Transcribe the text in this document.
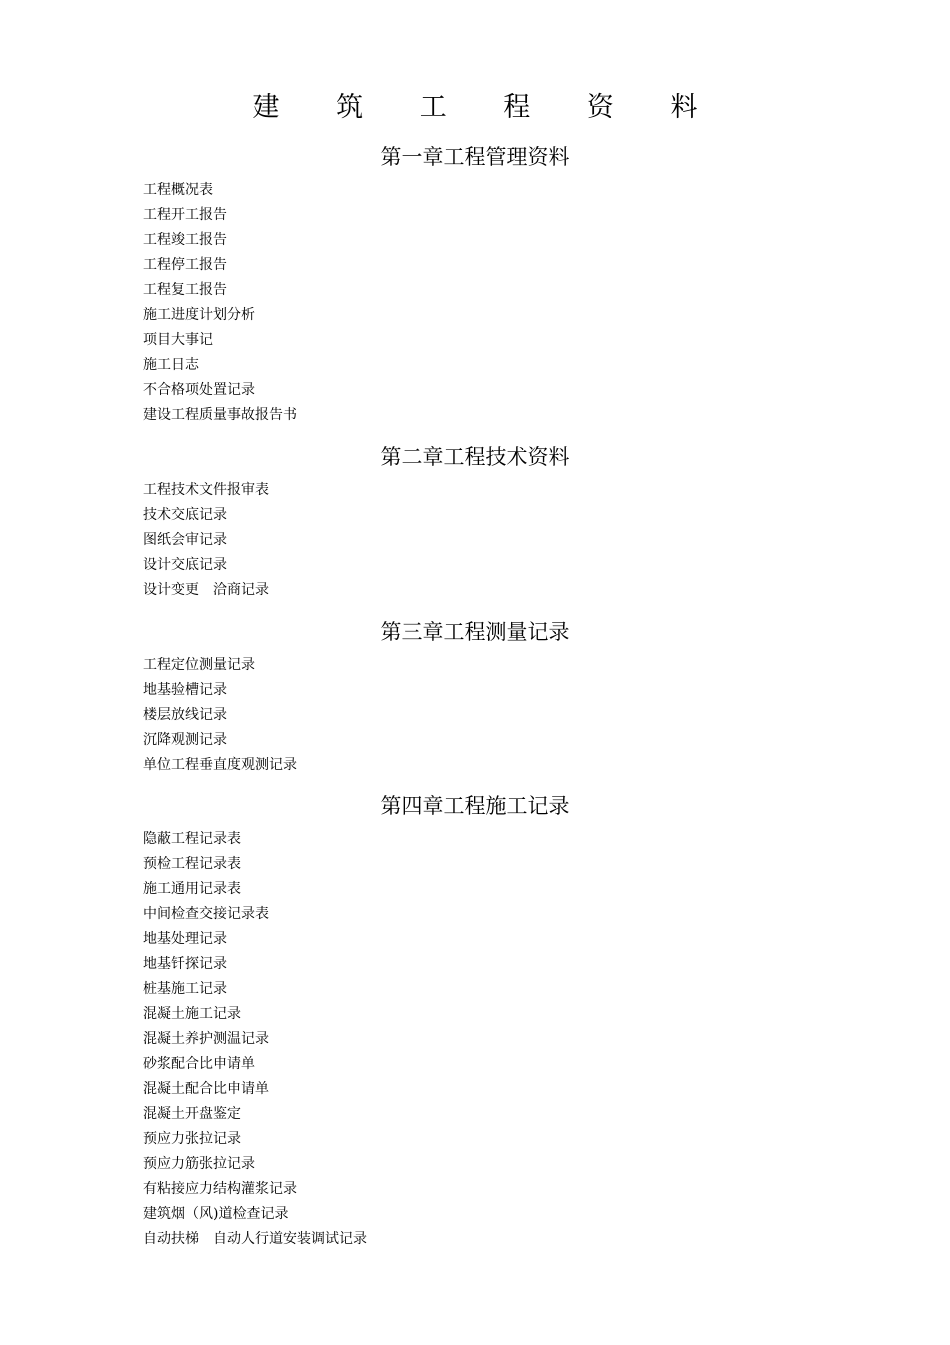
建 筑 工 程 资 料
第一章工程管理资料
工程概况表
工程开工报告
工程竣工报告
工程停工报告
工程复工报告
施工进度计划分析
项目大事记
施工日志
不合格项处置记录
建设工程质量事故报告书
第二章工程技术资料
工程技术文件报审表
技术交底记录
图纸会审记录
设计交底记录
设计变更　洽商记录
第三章工程测量记录
工程定位测量记录
地基验槽记录
楼层放线记录
沉降观测记录
单位工程垂直度观测记录
第四章工程施工记录
隐蔽工程记录表
预检工程记录表
施工通用记录表
中间检查交接记录表
地基处理记录
地基钎探记录
桩基施工记录
混凝土施工记录
混凝土养护测温记录
砂浆配合比申请单
混凝土配合比申请单
混凝土开盘鉴定
预应力张拉记录
预应力筋张拉记录
有粘接应力结构灌浆记录
建筑烟（风)道检查记录
自动扶梯　自动人行道安装调试记录
